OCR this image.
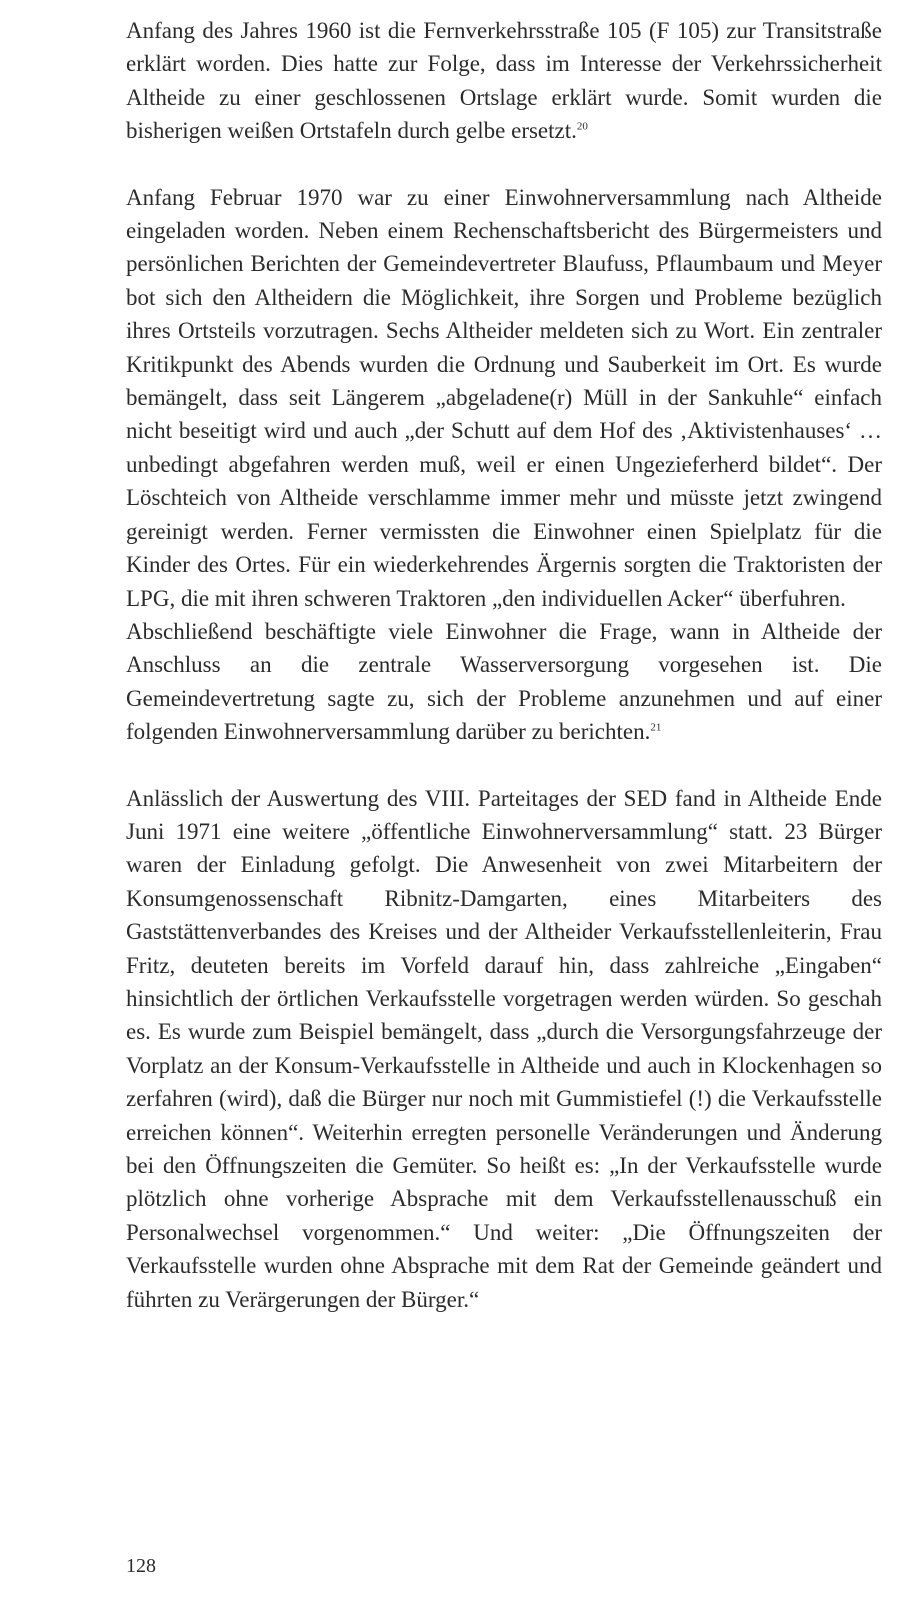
Anfang des Jahres 1960 ist die Fernverkehrsstraße 105 (F 105) zur Transitstraße erklärt worden. Dies hatte zur Folge, dass im Interesse der Verkehrssicherheit Altheide zu einer geschlossenen Ortslage erklärt wurde. Somit wurden die bisherigen weißen Ortstafeln durch gelbe ersetzt.$^{20}$

Anfang Februar 1970 war zu einer Einwohnerversammlung nach Altheide eingeladen worden. Neben einem Rechenschaftsbericht des Bürgermeisters und persönlichen Berichten der Gemeindevertreter Blaufuss, Pflaumbaum und Meyer bot sich den Altheidern die Möglichkeit, ihre Sorgen und Probleme bezüglich ihres Ortsteils vorzutragen. Sechs Altheider meldeten sich zu Wort. Ein zentraler Kritikpunkt des Abends wurden die Ordnung und Sauberkeit im Ort. Es wurde bemängelt, dass seit Längerem „abgeladene(r) Müll in der Sankuhle“ einfach nicht beseitigt wird und auch „der Schutt auf dem Hof des ‚Aktivistenhauses‘ … unbedingt abgefahren werden muß, weil er einen Ungezieferherd bildet“. Der Löschteich von Altheide verschlamme immer mehr und müsste jetzt zwingend gereinigt werden. Ferner vermissten die Einwohner einen Spielplatz für die Kinder des Ortes. Für ein wiederkehrendes Ärgernis sorgten die Traktoristen der LPG, die mit ihren schweren Traktoren „den individuellen Acker“ überfuhren.

Abschließend beschäftigte viele Einwohner die Frage, wann in Altheide der Anschluss an die zentrale Wasserversorgung vorgesehen ist. Die Gemeindevertretung sagte zu, sich der Probleme anzunehmen und auf einer folgenden Einwohnerversammlung darüber zu berichten.$^{21}$

Anlässlich der Auswertung des VIII. Parteitages der SED fand in Altheide Ende Juni 1971 eine weitere „öffentliche Einwohnerversammlung“ statt. 23 Bürger waren der Einladung gefolgt. Die Anwesenheit von zwei Mitarbeitern der Konsumgenossenschaft Ribnitz-Damgarten, eines Mitarbeiters des Gaststättenverbandes des Kreises und der Altheider Verkaufsstellenleiterin, Frau Fritz, deuteten bereits im Vorfeld darauf hin, dass zahlreiche „Eingaben“ hinsichtlich der örtlichen Verkaufsstelle vorgetragen werden würden. So geschah es. Es wurde zum Beispiel bemängelt, dass „durch die Versorgungsfahrzeuge der Vorplatz an der Konsum-Verkaufsstelle in Altheide und auch in Klockenhagen so zerfahren (wird), daß die Bürger nur noch mit Gummistiefel (!) die Verkaufsstelle erreichen können“. Weiterhin erregten personelle Veränderungen und Änderung bei den Öffnungszeiten die Gemüter. So heißt es: „In der Verkaufsstelle wurde plötzlich ohne vorherige Absprache mit dem Verkaufsstellenausschuß ein Personalwechsel vorgenommen.“ Und weiter: „Die Öffnungszeiten der Verkaufsstelle wurden ohne Absprache mit dem Rat der Gemeinde geändert und führten zu Verärgerungen der Bürger.“

128
